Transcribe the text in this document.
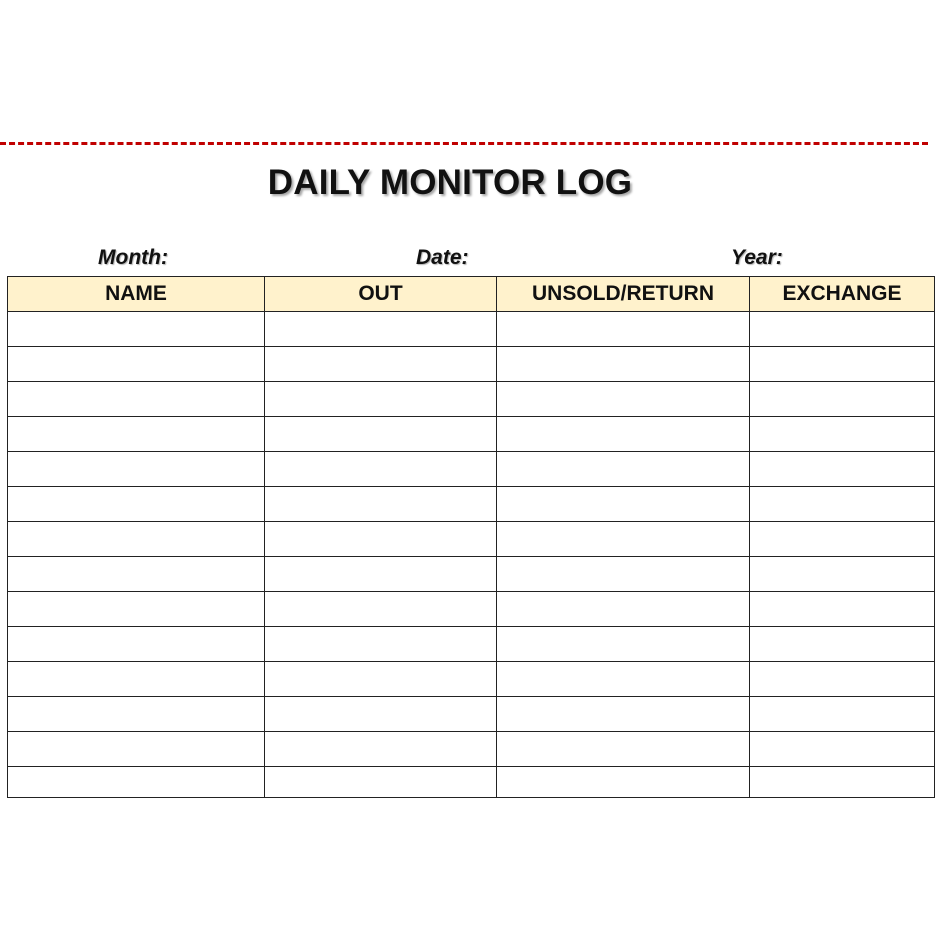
DAILY MONITOR LOG
Month:	Date:	Year:
NAME	OUT	UNSOLD/RETURN	EXCHANGE
